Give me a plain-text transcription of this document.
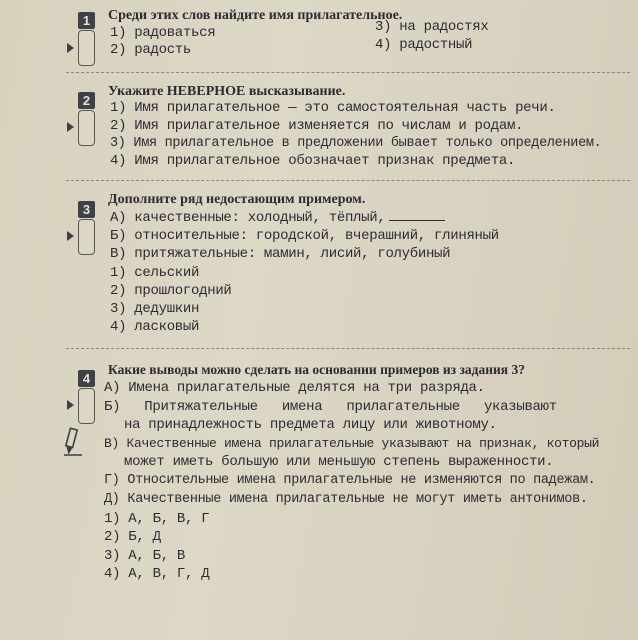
1	Среди этих слов найдите имя прилагательное.
1) радоваться
2) радость
3) на радостях
4) радостный
2
Укажите НЕВЕРНОЕ высказывание.
1) Имя прилагательное — это самостоятельная часть речи.
2) Имя прилагательное изменяется по числам и родам.
3) Имя прилагательное в предложении бывает только определением.
4) Имя прилагательное обозначает признак предмета.
3
Дополните ряд недостающим примером.
А) качественные: холодный, тёплый,
Б) относительные: городской, вчерашний, глиняный
В) притяжательные: мамин, лисий, голубиный
1) сельский
2) прошлогодний
3) дедушкин
4) ласковый
4
Какие выводы можно сделать на основании примеров из задания 3?
А) Имена прилагательные делятся на три разряда.
Б) Притяжательные имена прилагательные указывают
на принадлежность предмета лицу или животному.
В) Качественные имена прилагательные указывают на признак, который
может иметь большую или меньшую степень выраженности.
Г) Относительные имена прилагательные не изменяются по падежам.
Д) Качественные имена прилагательные не могут иметь антонимов.
1) А, Б, В, Г
2) Б, Д
3) А, Б, В
4) А, В, Г, Д
